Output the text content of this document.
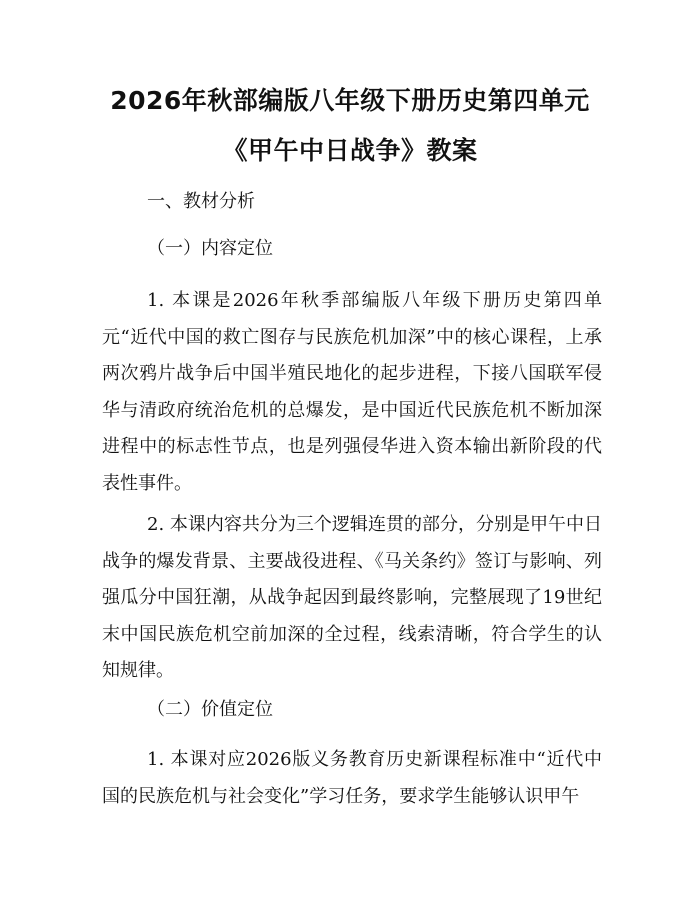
2026年秋部编版八年级下册历史第四单元
《甲午中日战争》教案
一、教材分析
（一）内容定位

1. 本课是2026年秋季部编版八年级下册历史第四单元“近代中国的救亡图存与民族危机加深”中的核心课程，上承两次鸦片战争后中国半殖民地化的起步进程，下接八国联军侵华与清政府统治危机的总爆发，是中国近代民族危机不断加深进程中的标志性节点，也是列强侵华进入资本输出新阶段的代表性事件。

2. 本课内容共分为三个逻辑连贯的部分，分别是甲午中日战争的爆发背景、主要战役进程、《马关条约》签订与影响、列强瓜分中国狂潮，从战争起因到最终影响，完整展现了19世纪末中国民族危机空前加深的全过程，线索清晰，符合学生的认知规律。

（二）价值定位

1. 本课对应2026版义务教育历史新课程标准中“近代中国的民族危机与社会变化”学习任务，要求学生能够认识甲午
